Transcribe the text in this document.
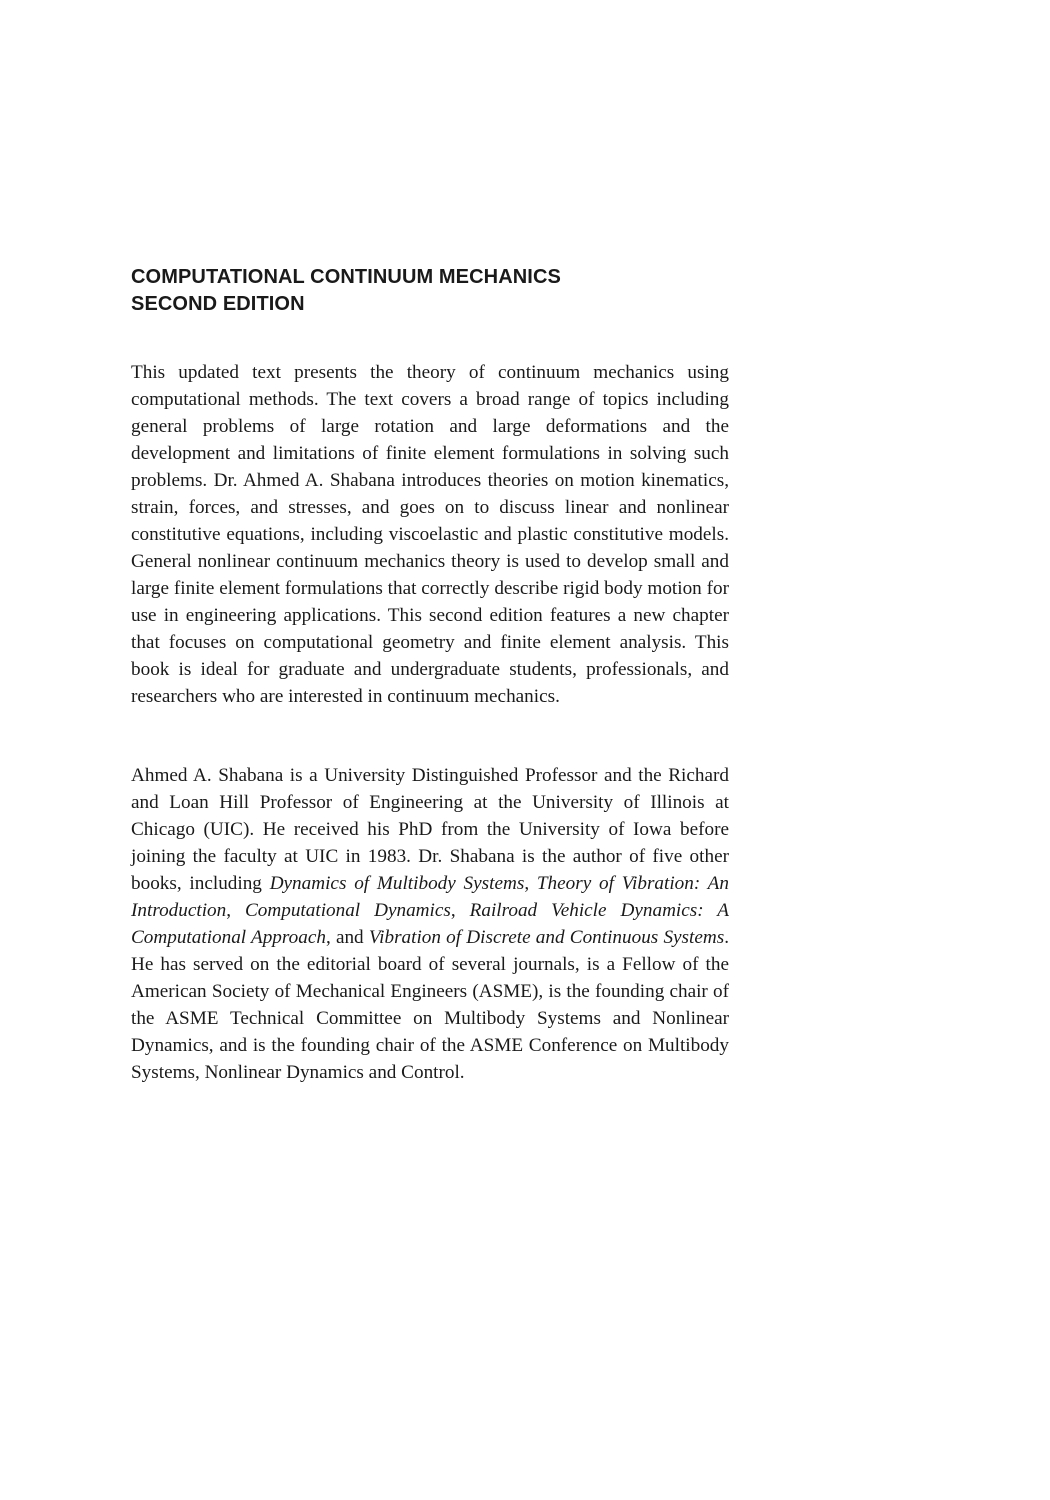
COMPUTATIONAL CONTINUUM MECHANICS
SECOND EDITION

This updated text presents the theory of continuum mechanics using computational methods. The text covers a broad range of topics including general problems of large rotation and large deformations and the development and limitations of finite element formulations in solving such problems. Dr. Ahmed A. Shabana introduces theories on motion kinematics, strain, forces, and stresses, and goes on to discuss linear and nonlinear constitutive equations, including viscoelastic and plastic constitutive models. General nonlinear continuum mechanics theory is used to develop small and large finite element formulations that correctly describe rigid body motion for use in engineering applications. This second edition features a new chapter that focuses on computational geometry and finite element analysis. This book is ideal for graduate and undergraduate students, professionals, and researchers who are interested in continuum mechanics.

Ahmed A. Shabana is a University Distinguished Professor and the Richard and Loan Hill Professor of Engineering at the University of Illinois at Chicago (UIC). He received his PhD from the University of Iowa before joining the faculty at UIC in 1983. Dr. Shabana is the author of five other books, including Dynamics of Multibody Systems, Theory of Vibration: An Introduction, Computational Dynamics, Railroad Vehicle Dynamics: A Computational Approach, and Vibration of Discrete and Continuous Systems. He has served on the editorial board of several journals, is a Fellow of the American Society of Mechanical Engineers (ASME), is the founding chair of the ASME Technical Committee on Multibody Systems and Nonlinear Dynamics, and is the founding chair of the ASME Conference on Multibody Systems, Nonlinear Dynamics and Control.
